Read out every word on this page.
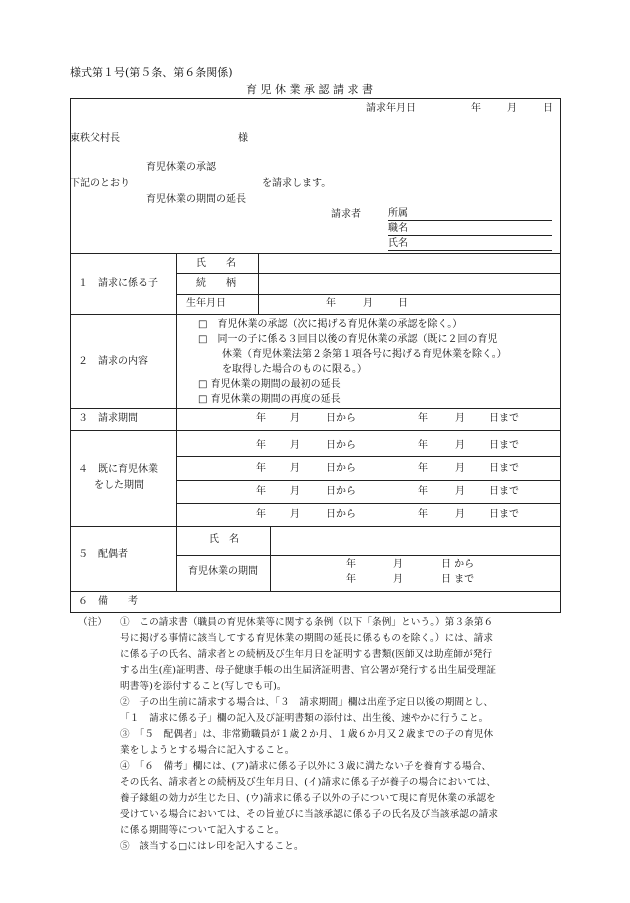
様式第１号(第５条、第６条関係)
育 児 休 業 承 認 請 求 書
請求年月日	年	月	日
東秩父村長	様
育児休業の承認
下記のとおり	を請求します。
育児休業の期間の延長
請求者	所属
職名
氏名
１　請求に係る子
氏　　名
続　　柄
生年月日	年	月	日
２　請求の内容
□　育児休業の承認（次に掲げる育児休業の承認を除く。）
□　同一の子に係る３回目以後の育児休業の承認（既に２回の育児
休業（育児休業法第２条第１項各号に掲げる育児休業を除く。）
を取得した場合のものに限る。）
□ 育児休業の期間の最初の延長
□ 育児休業の期間の再度の延長
３　請求期間	年 月	日から	年	月 日まで
４　既に育児休業
をした期間
年 月	日から	年	月 日まで
年 月	日から	年	月 日まで
年 月	日から	年	月 日まで
年 月	日から	年	月 日まで
５　配偶者
氏　名
育児休業の期間
年	月	日 から
年	月	日 まで
６　備　　考
（注） ①　この請求書（職員の育児休業等に関する条例（以下「条例」という。）第３条第６
号に掲げる事情に該当してする育児休業の期間の延長に係るものを除く。）には、請求
に係る子の氏名、請求者との続柄及び生年月日を証明する書類(医師又は助産師が発行
する出生(産)証明書、母子健康手帳の出生届済証明書、官公署が発行する出生届受理証
明書等)を添付すること(写しでも可)。
②　子の出生前に請求する場合は、「３　請求期間」欄は出産予定日以後の期間とし、
「１　請求に係る子」欄の記入及び証明書類の添付は、出生後、速やかに行うこと。
③　「５　配偶者」は、非常勤職員が１歳２か月、１歳６か月又２歳までの子の育児休
業をしようとする場合に記入すること。
④　「６　備考」欄には、(ア)請求に係る子以外に３歳に満たない子を養育する場合、
その氏名、請求者との続柄及び生年月日、(イ)請求に係る子が養子の場合においては、
養子縁組の効力が生じた日、(ウ)請求に係る子以外の子について現に育児休業の承認を
受けている場合においては、その旨並びに当該承認に係る子の氏名及び当該承認の請求
に係る期間等について記入すること。
⑤　該当する□にはレ印を記入すること。
